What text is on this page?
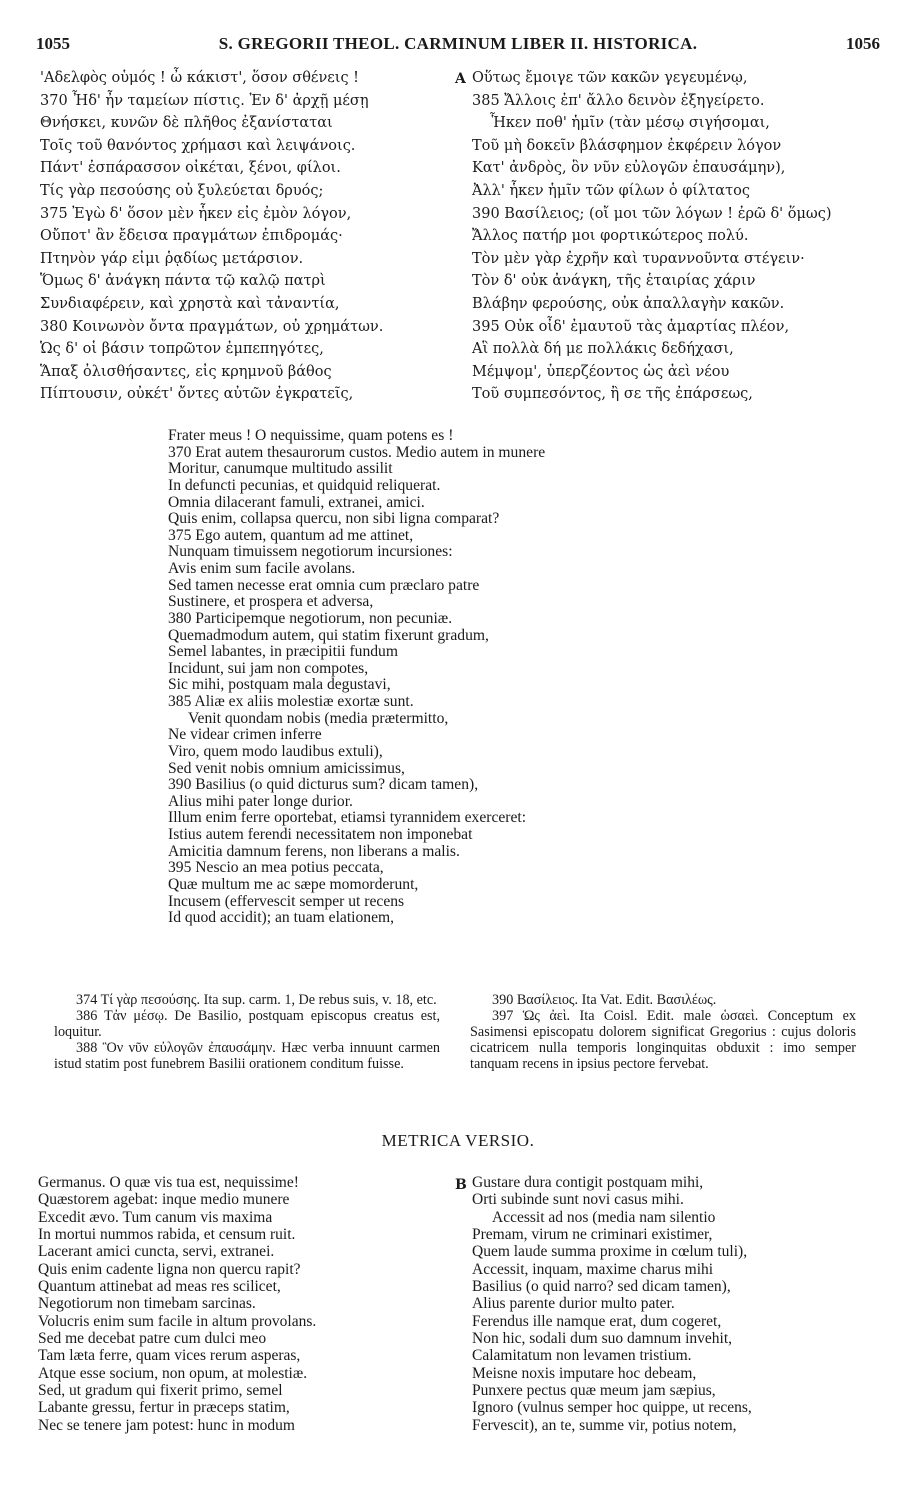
1055	S. GREGORII THEOL. CARMINUM LIBER II. HISTORICA.	1056
'Αδελφὸς οὑμός ! ὦ κάκιστ', ὅσον σθένεις !
370 Ἦδ' ἦν ταμείων πίστις. Ἐν δ' ἀρχῇ μέσῃ
Θνήσκει, κυνῶν δὲ πλῆθος ἐξανίσταται
Τοῖς τοῦ θανόντος χρήμασι καὶ λειψάνοις.
Πάντ' ἐσπάρασσον οἰκέται, ξένοι, φίλοι.
Τίς γὰρ πεσούσης οὐ ξυλεύεται δρυός;
375 Ἐγὼ δ' ὅσον μὲν ἧκεν εἰς ἐμὸν λόγον,
Οὔποτ' ἂν ἔδεισα πραγμάτων ἐπιδρομάς·
Πτηνὸν γάρ εἰμι ῥᾳδίως μετάρσιον.
Ὅμως δ' ἀνάγκη πάντα τῷ καλῷ πατρὶ
Συνδιαφέρειν, καὶ χρηστὰ καὶ τἀναντία,
380 Κοινωνὸν ὄντα πραγμάτων, οὐ χρημάτων.
Ὡς δ' οἱ βάσιν τοπρῶτον ἐμπεπηγότες,
Ἅπαξ ὀλισθήσαντες, εἰς κρημνοῦ βάθος
Πίπτουσιν, οὐκέτ' ὄντες αὐτῶν ἐγκρατεῖς,
A Οὕτως ἔμοιγε τῶν κακῶν γεγευμένῳ,
385 Ἄλλοις ἐπ' ἄλλο δεινὸν ἐξηγείρετο.
Ἧκεν ποθ' ἡμῖν (τὰν μέσῳ σιγήσομαι,
Τοῦ μὴ δοκεῖν βλάσφημον ἐκφέρειν λόγον
Κατ' ἀνδρὸς, ὃν νῦν εὐλογῶν ἐπαυσάμην),
Ἀλλ' ἧκεν ἡμῖν τῶν φίλων ὁ φίλτατος
390 Βασίλειος; (οἴ μοι τῶν λόγων ! ἐρῶ δ' ὅμως)
Ἄλλος πατήρ μοι φορτικώτερος πολύ.
Τὸν μὲν γὰρ ἐχρῆν καὶ τυραννοῦντα στέγειν·
Τὸν δ' οὐκ ἀνάγκη, τῆς ἑταιρίας χάριν
Βλάβην φερούσης, οὐκ ἀπαλλαγὴν κακῶν.
395 Οὐκ οἶδ' ἐμαυτοῦ τὰς ἁμαρτίας πλέον,
Αἳ πολλὰ δή με πολλάκις δεδήχασι,
Μέμψομ', ὑπερζέοντος ὡς ἀεὶ νέου
Τοῦ συμπεσόντος, ἢ σε τῆς ἐπάρσεως,
Frater meus ! O nequissime, quam potens es !
370 Erat autem thesaurorum custos. Medio autem in munere
Moritur, canumque multitudo assilit
In defuncti pecunias, et quidquid reliquerat.
Omnia dilacerant famuli, extranei, amici.
Quis enim, collapsa quercu, non sibi ligna comparat?
375 Ego autem, quantum ad me attinet,
Nunquam timuissem negotiorum incursiones:
Avis enim sum facile avolans.
Sed tamen necesse erat omnia cum præclaro patre
Sustinere, et prospera et adversa,
380 Participemque negotiorum, non pecuniæ.
Quemadmodum autem, qui statim fixerunt gradum,
Semel labantes, in præcipitii fundum
Incidunt, sui jam non compotes,
Sic mihi, postquam mala degustavi,
385 Aliæ ex aliis molestiæ exortæ sunt.
Venit quondam nobis (media prætermitto,
Ne videar crimen inferre
Viro, quem modo laudibus extuli),
Sed venit nobis omnium amicissimus,
390 Basilius (o quid dicturus sum? dicam tamen),
Alius mihi pater longe durior.
Illum enim ferre oportebat, etiamsi tyrannidem exerceret:
Istius autem ferendi necessitatem non imponebat
Amicitia damnum ferens, non liberans a malis.
395 Nescio an mea potius peccata,
Quæ multum me ac sæpe momorderunt,
Incusem (effervescit semper ut recens
Id quod accidit); an tuam elationem,

374 Τί γὰρ πεσούσης. Ita sup. carm. 1, De rebus suis, v. 18, etc.

386 Τἀν μέσῳ. De Basilio, postquam episcopus creatus est, loquitur.

388 Ὃν νῦν εὐλογῶν ἐπαυσάμην. Hæc verba innuunt carmen istud statim post funebrem Basilii orationem conditum fuisse.

390 Βασίλειος. Ita Vat. Edit. Βασιλέως.

397 Ὡς ἀεὶ. Ita Coisl. Edit. male ὡσαεὶ. Conceptum ex Sasimensi episcopatu dolorem significat Gregorius : cujus doloris cicatricem nulla temporis longinquitas obduxit : imo semper tanquam recens in ipsius pectore fervebat.

METRICA VERSIO.
Germanus. O quæ vis tua est, nequissime!
Quæstorem agebat: inque medio munere
Excedit ævo. Tum canum vis maxima
In mortui nummos rabida, et censum ruit.
Lacerant amici cuncta, servi, extranei.
Quis enim cadente ligna non quercu rapit?
Quantum attinebat ad meas res scilicet,
Negotiorum non timebam sarcinas.
Volucris enim sum facile in altum provolans.
Sed me decebat patre cum dulci meo
Tam læta ferre, quam vices rerum asperas,
Atque esse socium, non opum, at molestiæ.
Sed, ut gradum qui fixerit primo, semel
Labante gressu, fertur in præceps statim,
Nec se tenere jam potest: hunc in modum
B Gustare dura contigit postquam mihi,
Orti subinde sunt novi casus mihi.
Accessit ad nos (media nam silentio
Premam, virum ne criminari existimer,
Quem laude summa proxime in cœlum tuli),
Accessit, inquam, maxime charus mihi
Basilius (o quid narro? sed dicam tamen),
Alius parente durior multo pater.
Ferendus ille namque erat, dum cogeret,
Non hic, sodali dum suo damnum invehit,
Calamitatum non levamen tristium.
Meisne noxis imputare hoc debeam,
Punxere pectus quæ meum jam sæpius,
Ignoro (vulnus semper hoc quippe, ut recens,
Fervescit), an te, summe vir, potius notem,
